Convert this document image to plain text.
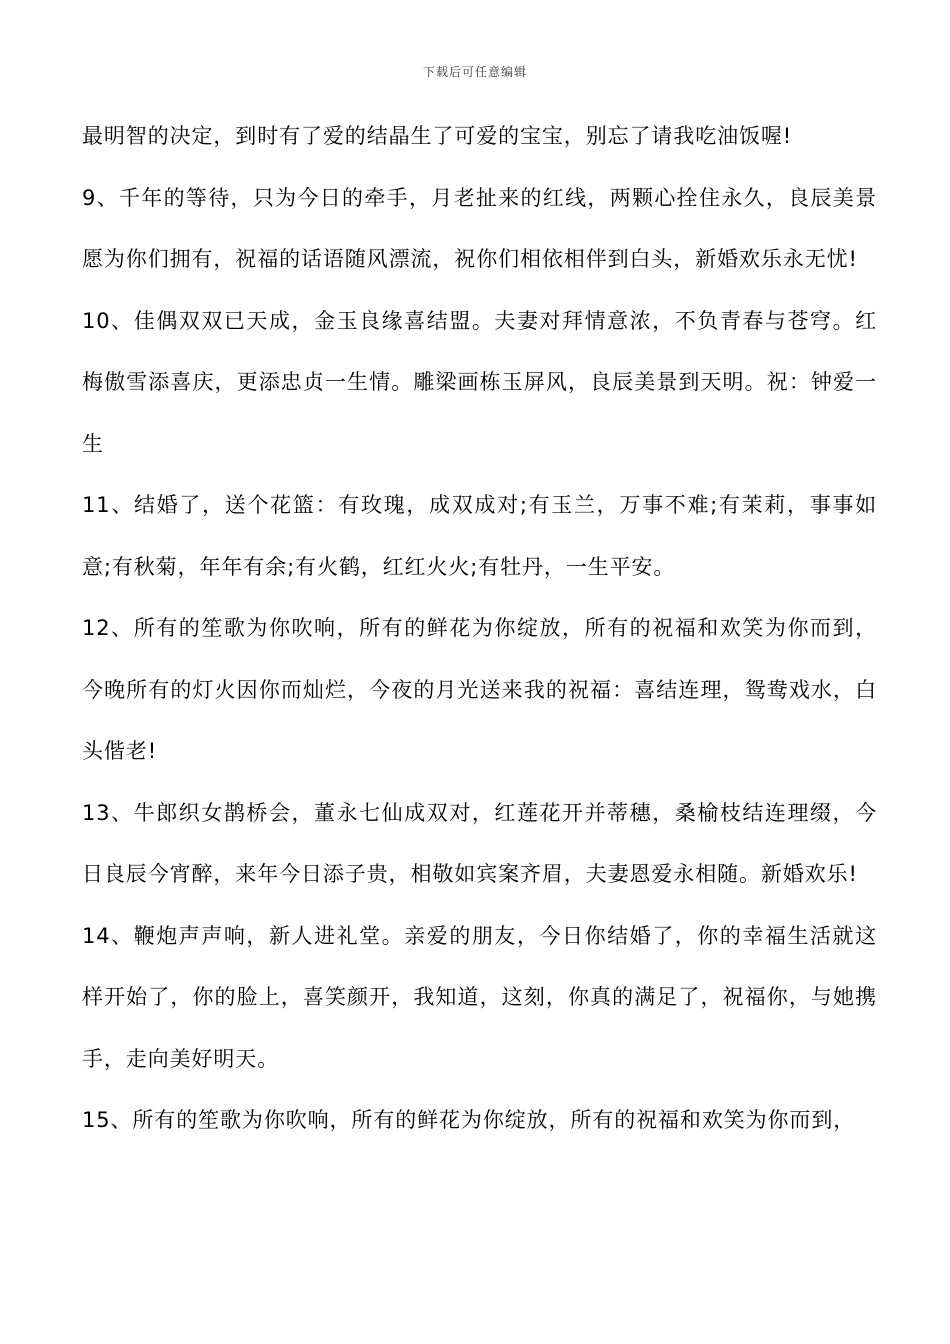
下载后可任意编辑

最明智的决定，到时有了爱的结晶生了可爱的宝宝，别忘了请我吃油饭喔!

9、千年的等待，只为今日的牵手，月老扯来的红线，两颗心拴住永久，良辰美景愿为你们拥有，祝福的话语随风漂流，祝你们相依相伴到白头，新婚欢乐永无忧!

10、佳偶双双已天成，金玉良缘喜结盟。夫妻对拜情意浓，不负青春与苍穹。红梅傲雪添喜庆，更添忠贞一生情。雕梁画栋玉屏风，良辰美景到天明。祝：钟爱一生

11、结婚了，送个花篮：有玫瑰，成双成对;有玉兰，万事不难;有茉莉，事事如意;有秋菊，年年有余;有火鹤，红红火火;有牡丹，一生平安。

12、所有的笙歌为你吹响，所有的鲜花为你绽放，所有的祝福和欢笑为你而到，今晚所有的灯火因你而灿烂，今夜的月光送来我的祝福：喜结连理，鸳鸯戏水，白头偕老!

13、牛郎织女鹊桥会，董永七仙成双对，红莲花开并蒂穗，桑榆枝结连理缀，今日良辰今宵醉，来年今日添子贵，相敬如宾案齐眉，夫妻恩爱永相随。新婚欢乐!

14、鞭炮声声响，新人进礼堂。亲爱的朋友，今日你结婚了，你的幸福生活就这样开始了，你的脸上，喜笑颜开，我知道，这刻，你真的满足了，祝福你，与她携手，走向美好明天。

15、所有的笙歌为你吹响，所有的鲜花为你绽放，所有的祝福和欢笑为你而到，
